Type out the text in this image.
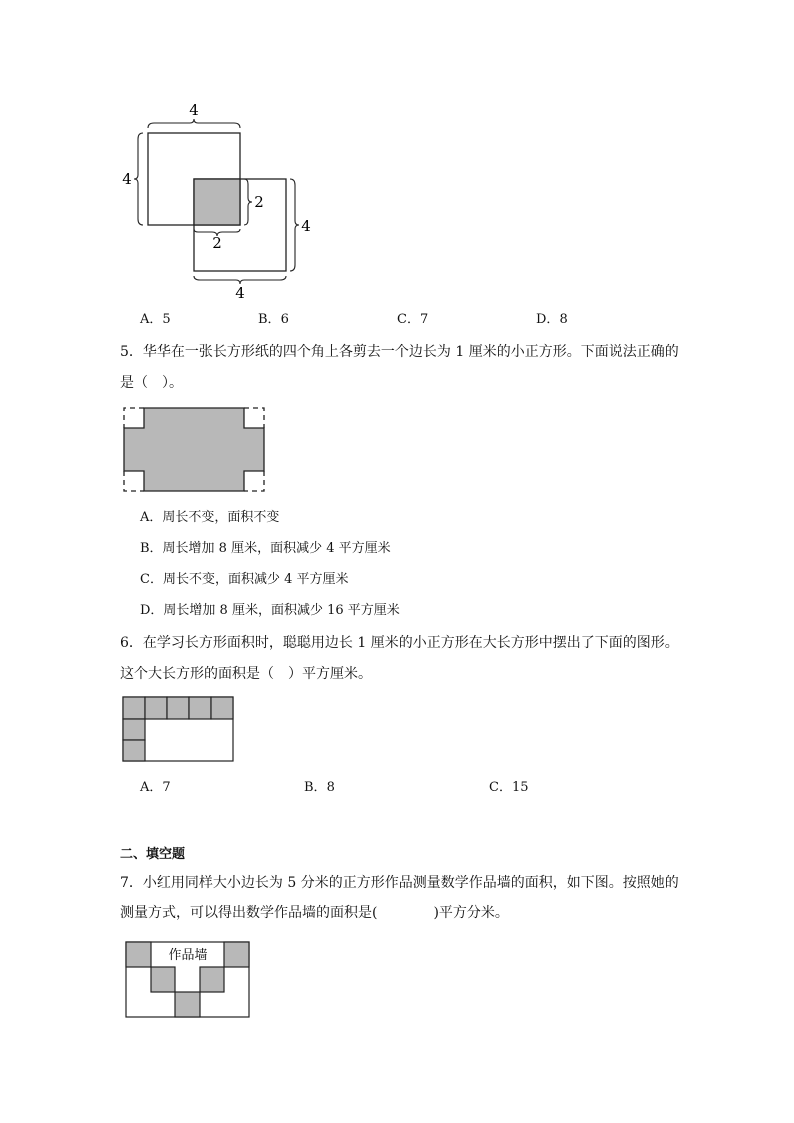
4
4
2
2
4
4
A．5	B．6	C．7	D．8
5．华华在一张长方形纸的四个角上各剪去一个边长为 1 厘米的小正方形。下面说法正确的
是（　）。
A．周长不变，面积不变
B．周长增加 8 厘米，面积减少 4 平方厘米
C．周长不变，面积减少 4 平方厘米
D．周长增加 8 厘米，面积减少 16 平方厘米
6．在学习长方形面积时，聪聪用边长 1 厘米的小正方形在大长方形中摆出了下面的图形。
这个大长方形的面积是（　）平方厘米。
A．7	B．8	C．15
二、填空题
7．小红用同样大小边长为 5 分米的正方形作品测量数学作品墙的面积，如下图。按照她的
测量方式，可以得出数学作品墙的面积是(　　　　)平方分米。
作品墙
